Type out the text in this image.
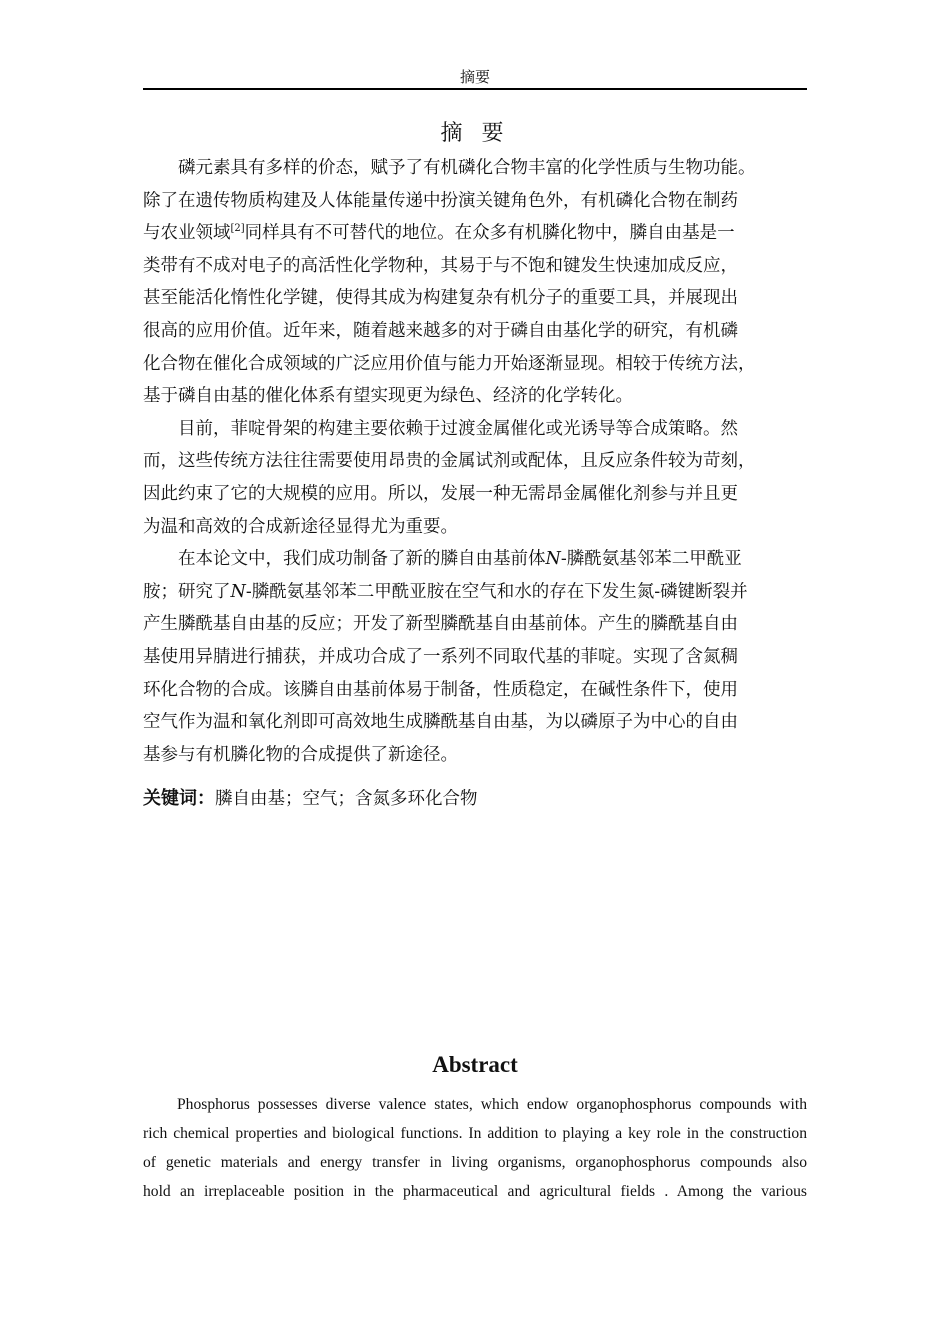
摘要
摘 要

磷元素具有多样的价态，赋予了有机磷化合物丰富的化学性质与生物功能。

除了在遗传物质构建及人体能量传递中扮演关键角色外，有机磷化合物在制药
与农业领域[2]同样具有不可替代的地位。在众多有机膦化物中，膦自由基是一
类带有不成对电子的高活性化学物种，其易于与不饱和键发生快速加成反应，
甚至能活化惰性化学键，使得其成为构建复杂有机分子的重要工具，并展现出
很高的应用价值。近年来，随着越来越多的对于磷自由基化学的研究，有机磷
化合物在催化合成领域的广泛应用价值与能力开始逐渐显现。相较于传统方法，
基于磷自由基的催化体系有望实现更为绿色、经济的化学转化。

目前，菲啶骨架的构建主要依赖于过渡金属催化或光诱导等合成策略。然

而，这些传统方法往往需要使用昂贵的金属试剂或配体，且反应条件较为苛刻，
因此约束了它的大规模的应用。所以，发展一种无需昂金属催化剂参与并且更
为温和高效的合成新途径显得尤为重要。

在本论文中，我们成功制备了新的膦自由基前体N-膦酰氨基邻苯二甲酰亚

胺；研究了N-膦酰氨基邻苯二甲酰亚胺在空气和水的存在下发生氮-磷键断裂并
产生膦酰基自由基的反应；开发了新型膦酰基自由基前体。产生的膦酰基自由
基使用异腈进行捕获，并成功合成了一系列不同取代基的菲啶。实现了含氮稠
环化合物的合成。该膦自由基前体易于制备，性质稳定，在碱性条件下，使用
空气作为温和氧化剂即可高效地生成膦酰基自由基，为以磷原子为中心的自由
基参与有机膦化物的合成提供了新途径。
关键词：膦自由基；空气；含氮多环化合物
Abstract
Phosphorus possesses diverse valence states, which endow organophosphorus compounds with
rich chemical properties and biological functions. In addition to playing a key role in the construction
of genetic materials and energy transfer in living organisms, organophosphorus compounds also
hold an irreplaceable position in the pharmaceutical and agricultural fields . Among the various
